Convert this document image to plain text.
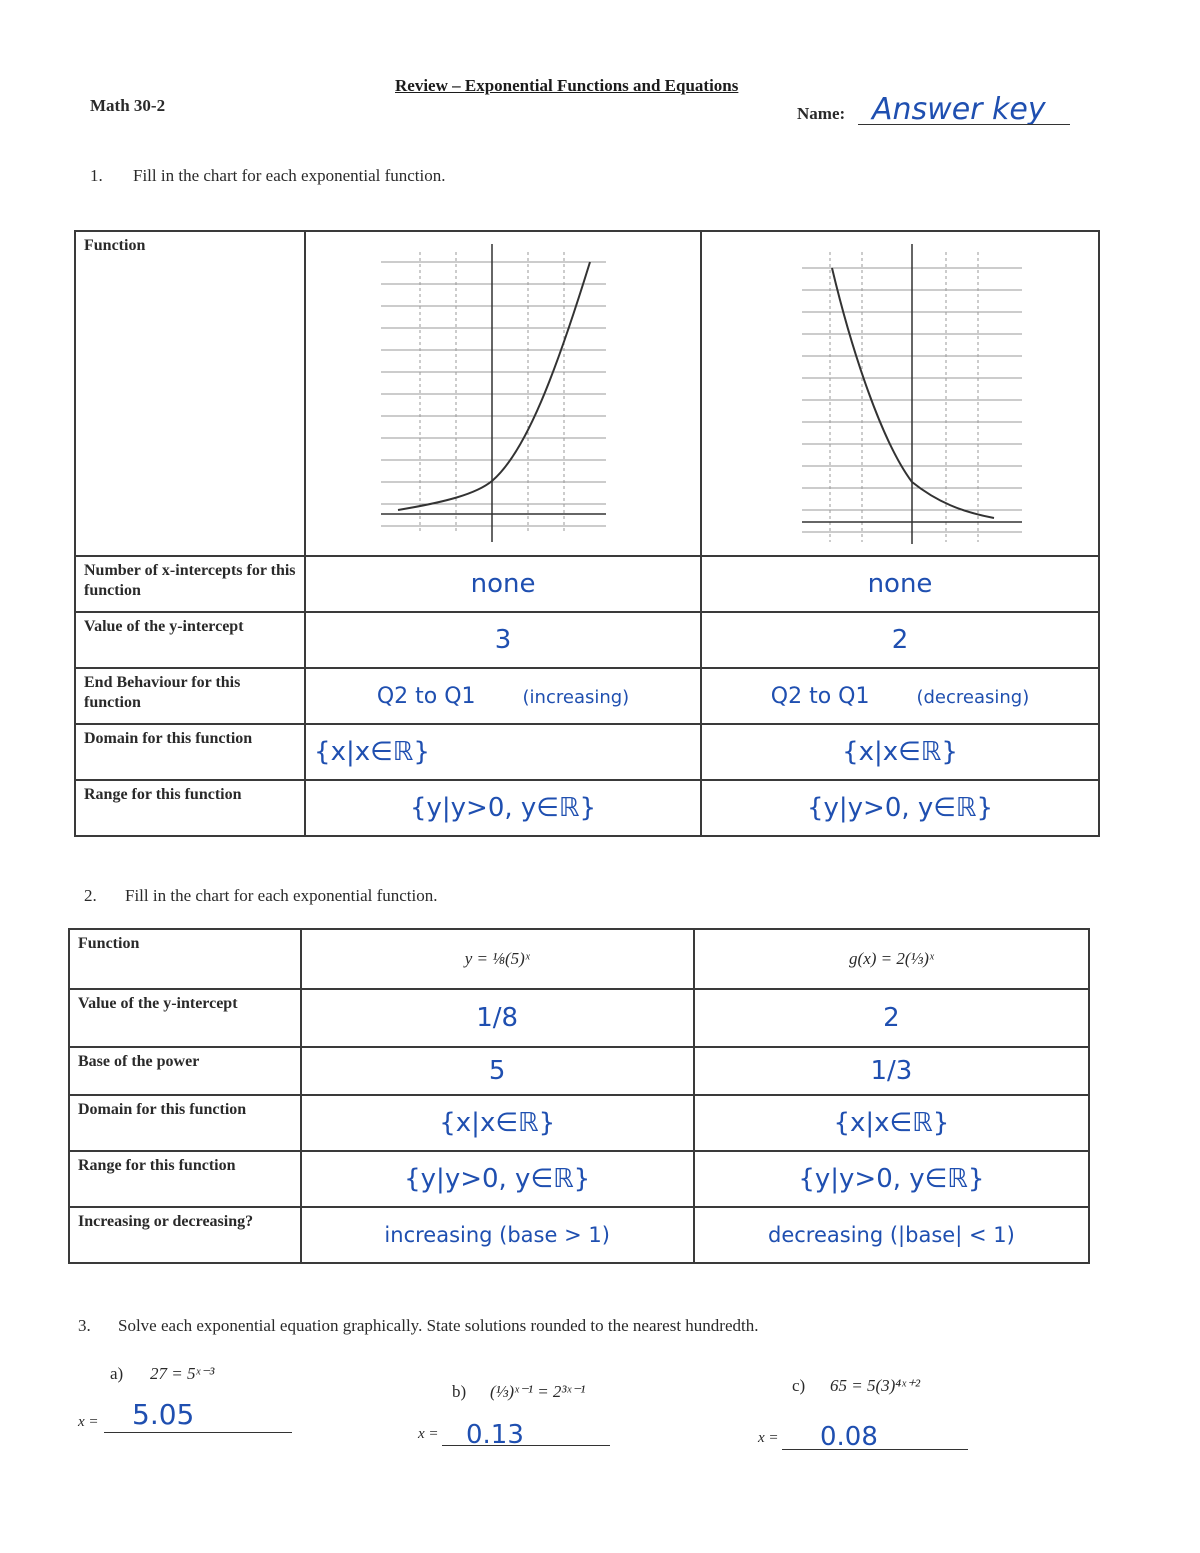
Math 30-2
Review – Exponential Functions and Equations
Name: Answer key
1. Fill in the chart for each exponential function.
Function		
Number of x-intercepts for this function	none	none
Value of the y-intercept	3	2
End Behaviour for this function	Q2 to Q1 (increasing)	Q2 to Q1 (decreasing)
Domain for this function	{x|x∈ℝ}	{x|x∈ℝ}
Range for this function	{y|y>0, y∈ℝ}	{y|y>0, y∈ℝ}
2. Fill in the chart for each exponential function.
Function	y = ⅛(5)ˣ	g(x) = 2(⅓)ˣ
Value of the y-intercept	1/8	2
Base of the power	5	1/3
Domain for this function	{x|x∈ℝ}	{x|x∈ℝ}
Range for this function	{y|y>0, y∈ℝ}	{y|y>0, y∈ℝ}
Increasing or decreasing?	increasing (base > 1)	decreasing (|base| < 1)
3. Solve each exponential equation graphically. State solutions rounded to the nearest hundredth.
a) 27 = 5ˣ⁻³
x = 5.05
b) (⅓)ˣ⁻¹ = 2³ˣ⁻¹
x = 0.13
c) 65 = 5(3)⁴ˣ⁺²
x = 0.08
